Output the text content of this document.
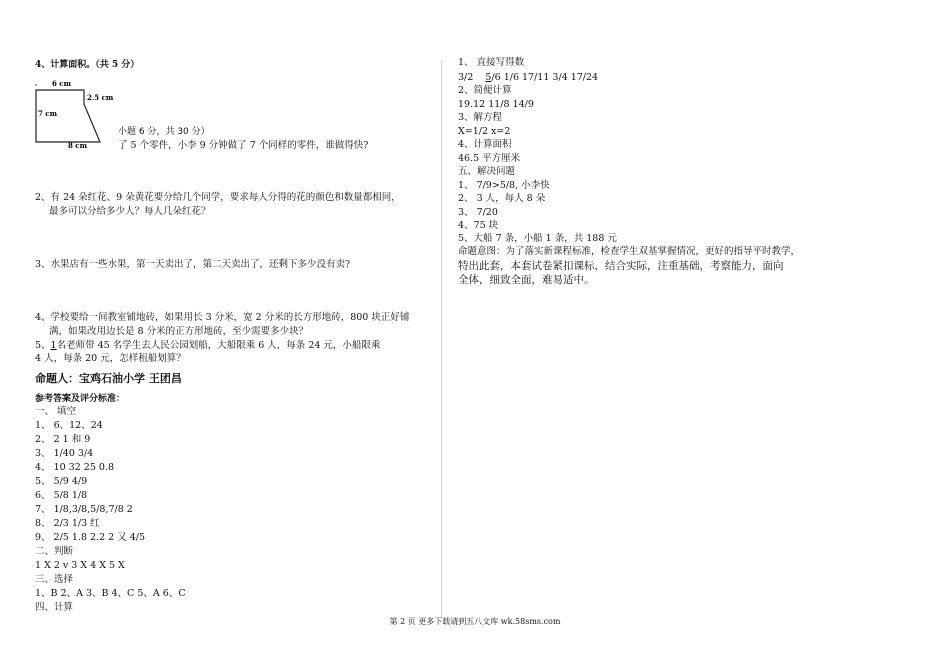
4、计算面积。（共 5 分）
6 cm
2.5 cm
7 cm
8 cm
小题 6 分，共 30 分）
了 5 个零件，小李 9 分钟做了 7 个同样的零件，谁做得快?
2、有 24 朵红花、9 朵黄花要分给几个同学，要求每人分得的花的颜色和数量都相同，
最多可以分给多少人？每人几朵红花？
3、水果店有一些水果，第一天卖出了，第二天卖出了，还剩下多少没有卖?
4、学校要给一间教室铺地砖，如果用长 3 分米，宽 2 分米的长方形地砖，800 块正好铺
满，如果改用边长是 8 分米的正方形地砖，至少需要多少块？
5、1名老师带 45 名学生去人民公园划船，大船限乘 6 人，每条 24 元，小船限乘
4 人，每条 20 元，怎样租船划算？
命题人：宝鸡石油小学 王团昌
参考答案及评分标准：
一、 填空
1、 6、12、24
2、 2 1 和 9
3、 1/40 3/4
4、 10 32 25 0.8
5、 5/9 4/9
6、 5/8 1/8
7、 1/8,3/8,5/8,7/8 2
8、 2/3 1/3 红
9、 2/5 1.8 2.2 2 又 4/5
二、判断
1 X 2 v 3 X 4 X 5 X
三、选择
1、B 2、A 3、B 4、C 5、A 6、C
四、计算
1、 直接写得数
3/2 5/6 1/6 17/11 3/4 17/24
2、简便计算
19.12 11/8 14/9
3、解方程
X=1/2 x=2
4、计算面积
46.5 平方厘米
五、解决问题
1、 7/9>5/8, 小李快
2、 3 人，每人 8 朵
3、 7/20
4、75 块
5、大船 7 条，小船 1 条，共 188 元
命题意图：为了落实新课程标准，检查学生双基掌握情况，更好的指导平时教学，
特出此套，本套试卷紧扣课标，结合实际，注重基础，考察能力，面向
全体，细致全面，难易适中。
第 2 页 更多下载请到五八文库 wk.58sms.com
